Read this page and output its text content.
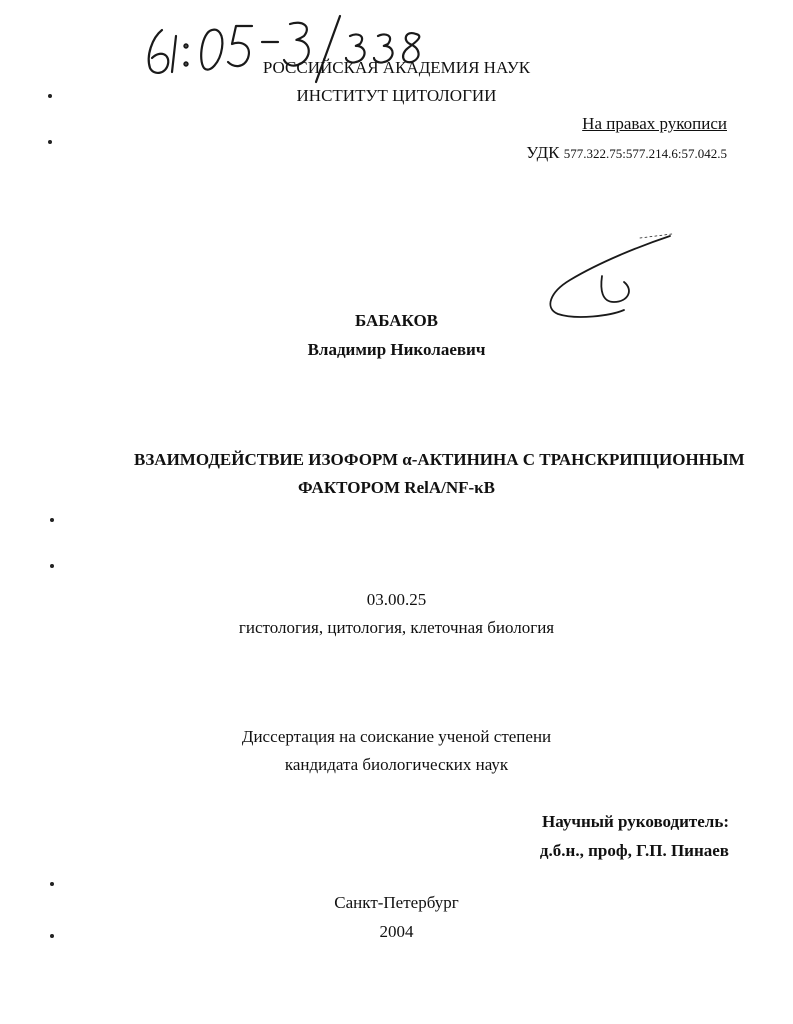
РОССИЙСКАЯ АКАДЕМИЯ НАУК
ИНСТИТУТ ЦИТОЛОГИИ
На правах рукописи
УДК 577.322.75:577.214.6:57.042.5
БАБАКОВ
Владимир Николаевич
ВЗАИМОДЕЙСТВИЕ ИЗОФОРМ α-АКТИНИНА С ТРАНСКРИПЦИОННЫМ
ФАКТОРОМ RelA/NF-κB
03.00.25
гистология, цитология, клеточная биология
Диссертация на соискание ученой степени
кандидата биологических наук
Научный руководитель:
д.б.н., проф, Г.П. Пинаев
Санкт-Петербург
2004
